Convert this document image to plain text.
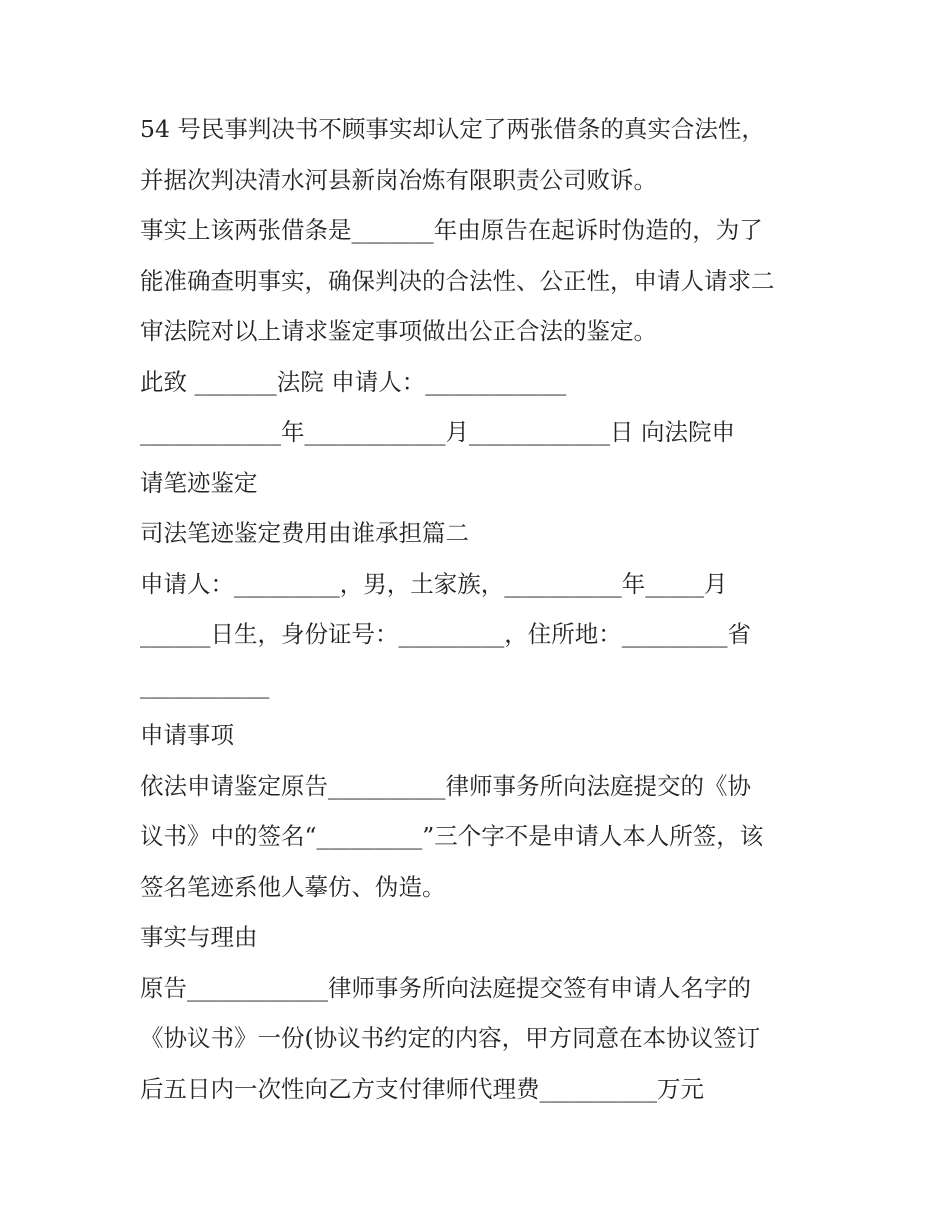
54 号民事判决书不顾事实却认定了两张借条的真实合法性，
并据次判决清水河县新岗冶炼有限职责公司败诉。
事实上该两张借条是_______年由原告在起诉时伪造的，为了
能准确查明事实，确保判决的合法性、公正性，申请人请求二
审法院对以上请求鉴定事项做出公正合法的鉴定。
此致 _______法院 申请人：____________
____________年____________月____________日 向法院申
请笔迹鉴定
司法笔迹鉴定费用由谁承担篇二
申请人：_________，男，土家族，__________年_____月
______日生，身份证号：_________，住所地：_________省
___________
申请事项
依法申请鉴定原告__________律师事务所向法庭提交的《协
议书》中的签名“_________”三个字不是申请人本人所签，该
签名笔迹系他人摹仿、伪造。
事实与理由
原告____________律师事务所向法庭提交签有申请人名字的
《协议书》一份(协议书约定的内容，甲方同意在本协议签订
后五日内一次性向乙方支付律师代理费__________万元
